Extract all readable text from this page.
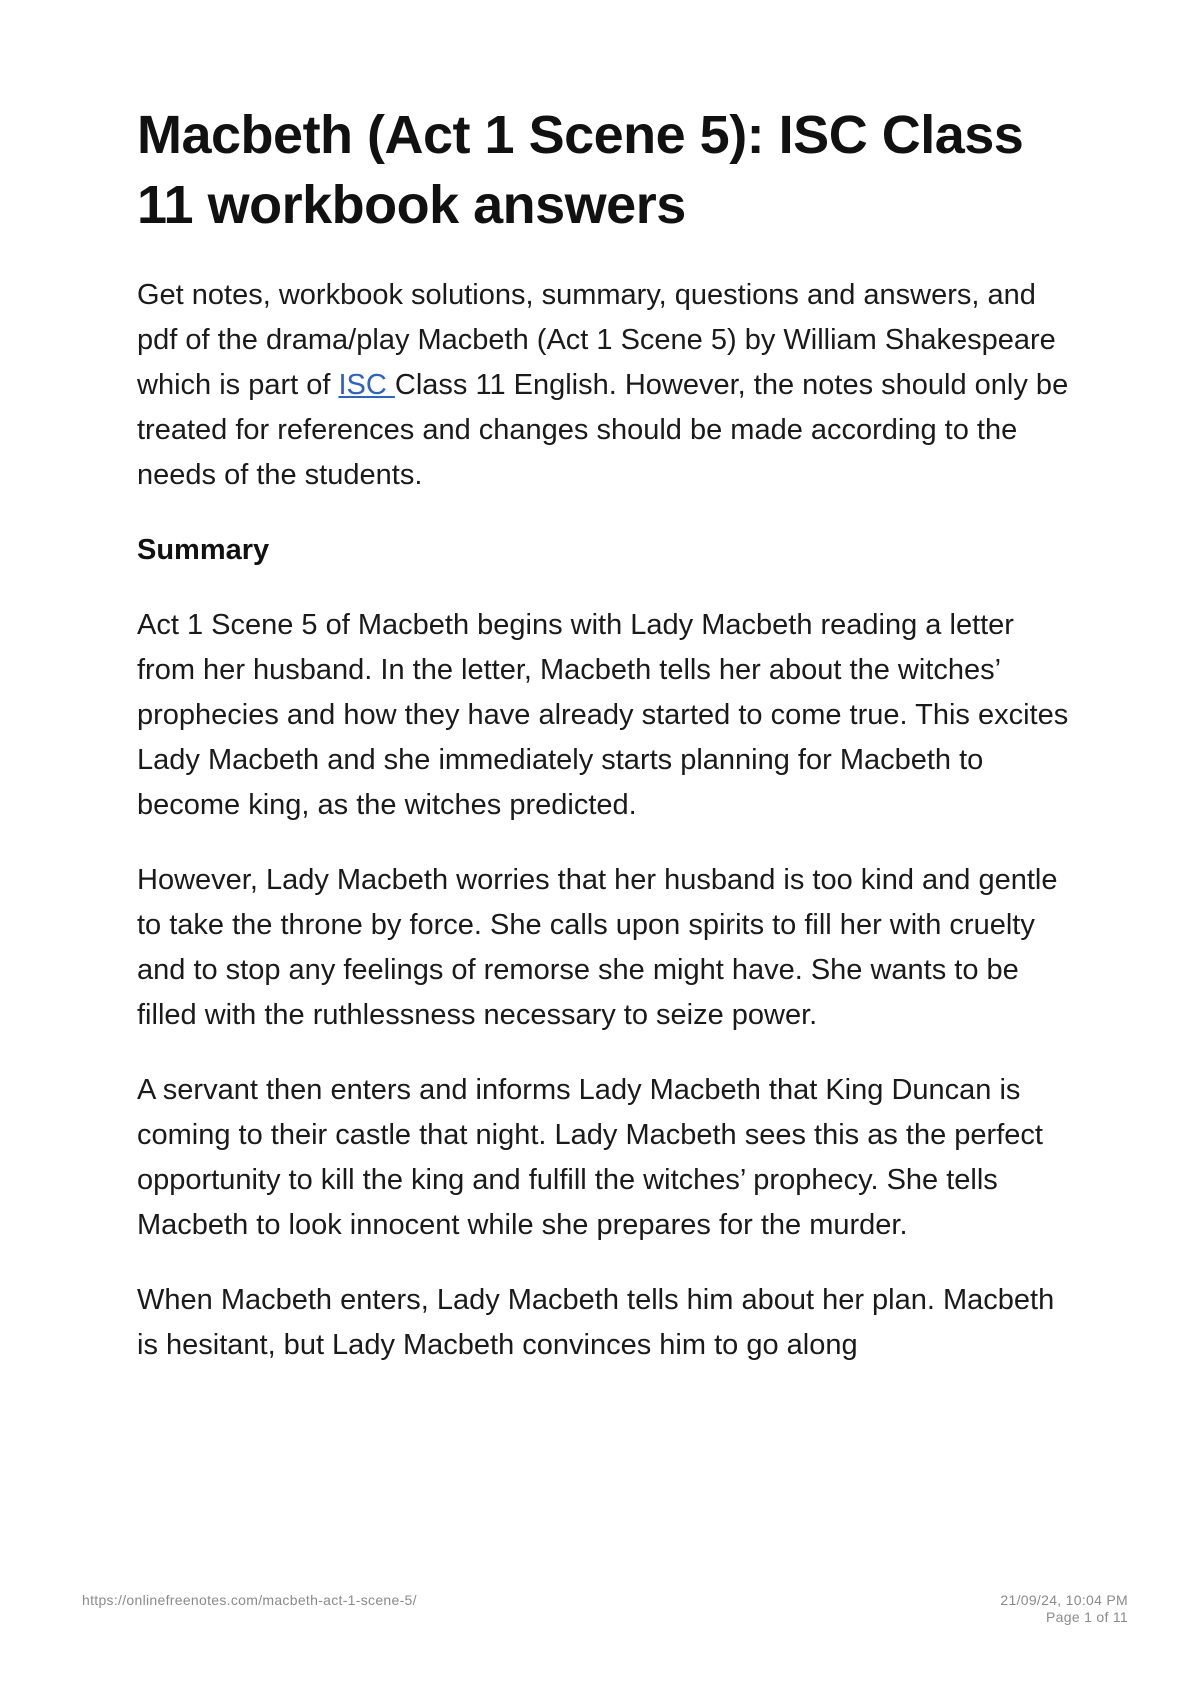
Macbeth (Act 1 Scene 5): ISC Class 11 workbook answers

Get notes, workbook solutions, summary, questions and answers, and pdf of the drama/play Macbeth (Act 1 Scene 5) by William Shakespeare which is part of ISC Class 11 English. However, the notes should only be treated for references and changes should be made according to the needs of the students.

Summary

Act 1 Scene 5 of Macbeth begins with Lady Macbeth reading a letter from her husband. In the letter, Macbeth tells her about the witches’ prophecies and how they have already started to come true. This excites Lady Macbeth and she immediately starts planning for Macbeth to become king, as the witches predicted.

However, Lady Macbeth worries that her husband is too kind and gentle to take the throne by force. She calls upon spirits to fill her with cruelty and to stop any feelings of remorse she might have. She wants to be filled with the ruthlessness necessary to seize power.

A servant then enters and informs Lady Macbeth that King Duncan is coming to their castle that night. Lady Macbeth sees this as the perfect opportunity to kill the king and fulfill the witches’ prophecy. She tells Macbeth to look innocent while she prepares for the murder.

When Macbeth enters, Lady Macbeth tells him about her plan. Macbeth is hesitant, but Lady Macbeth convinces him to go along

https://onlinefreenotes.com/macbeth-act-1-scene-5/	21/09/24, 10:04 PM
Page 1 of 11
